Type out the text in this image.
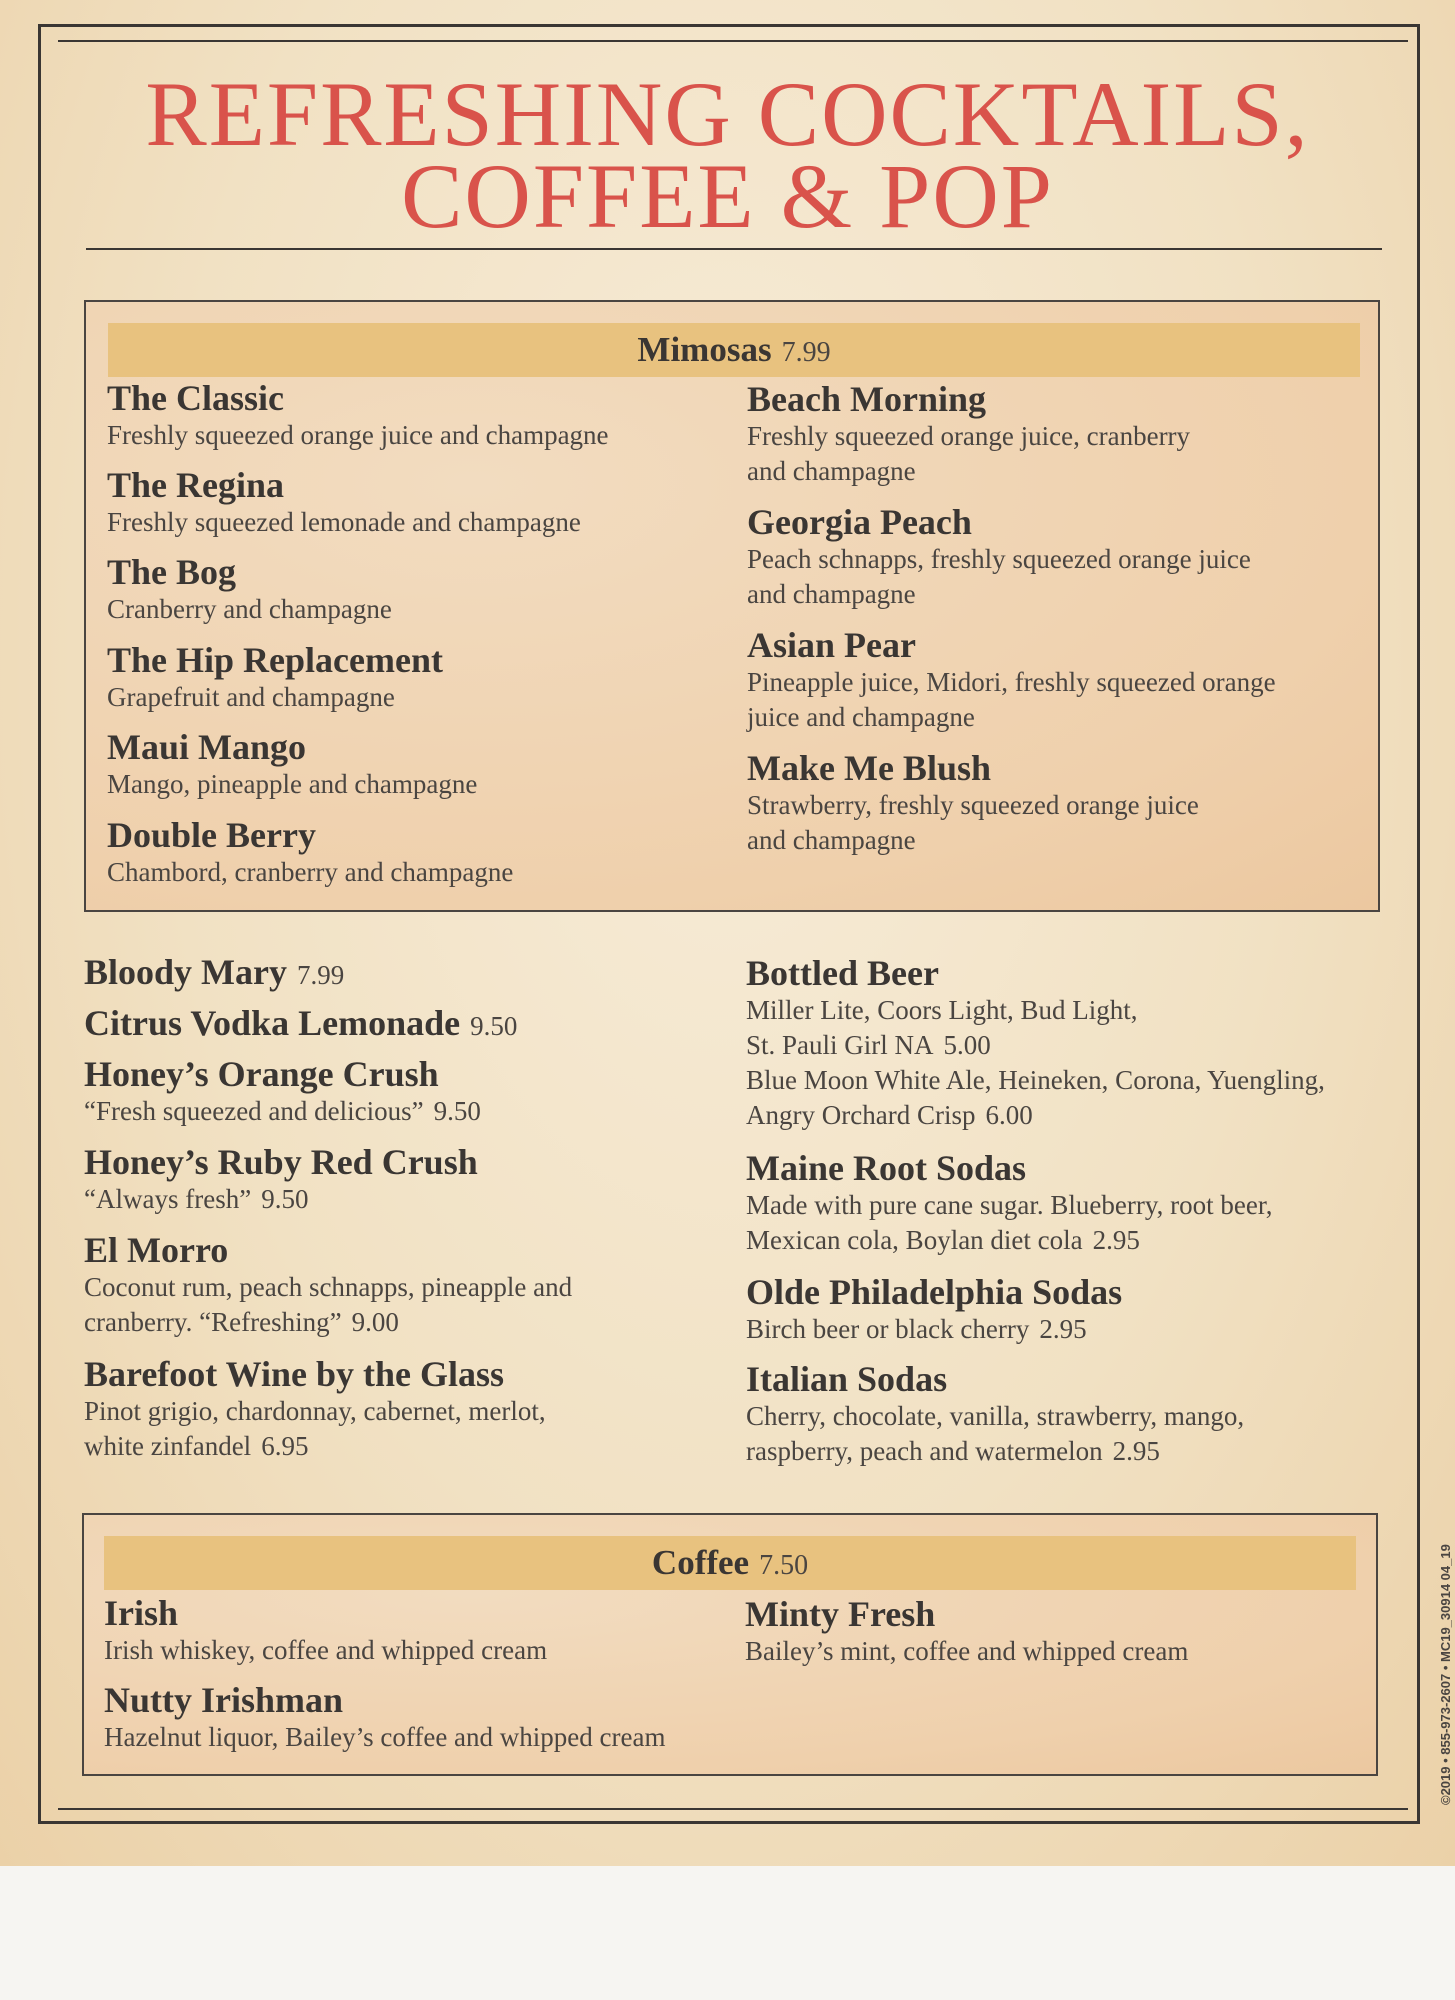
REFRESHING COCKTAILS,
COFFEE & POP
Mimosas 7.99
The Classic
Freshly squeezed orange juice and champagne
The Regina
Freshly squeezed lemonade and champagne
The Bog
Cranberry and champagne
The Hip Replacement
Grapefruit and champagne
Maui Mango
Mango, pineapple and champagne
Double Berry
Chambord, cranberry and champagne
Beach Morning
Freshly squeezed orange juice, cranberry
and champagne
Georgia Peach
Peach schnapps, freshly squeezed orange juice
and champagne
Asian Pear
Pineapple juice, Midori, freshly squeezed orange
juice and champagne
Make Me Blush
Strawberry, freshly squeezed orange juice
and champagne
Bloody Mary 7.99
Citrus Vodka Lemonade 9.50
Honey’s Orange Crush
“Fresh squeezed and delicious” 9.50
Honey’s Ruby Red Crush
“Always fresh” 9.50
El Morro
Coconut rum, peach schnapps, pineapple and
cranberry. “Refreshing” 9.00
Barefoot Wine by the Glass
Pinot grigio, chardonnay, cabernet, merlot,
white zinfandel 6.95
Bottled Beer
Miller Lite, Coors Light, Bud Light,
St. Pauli Girl NA 5.00
Blue Moon White Ale, Heineken, Corona, Yuengling,
Angry Orchard Crisp 6.00
Maine Root Sodas
Made with pure cane sugar. Blueberry, root beer,
Mexican cola, Boylan diet cola 2.95
Olde Philadelphia Sodas
Birch beer or black cherry 2.95
Italian Sodas
Cherry, chocolate, vanilla, strawberry, mango,
raspberry, peach and watermelon 2.95
Coffee 7.50
Irish
Irish whiskey, coffee and whipped cream
Minty Fresh
Bailey’s mint, coffee and whipped cream
Nutty Irishman
Hazelnut liquor, Bailey’s coffee and whipped cream	©2019 • 855-973-2607 • MC19_30914 04_19
